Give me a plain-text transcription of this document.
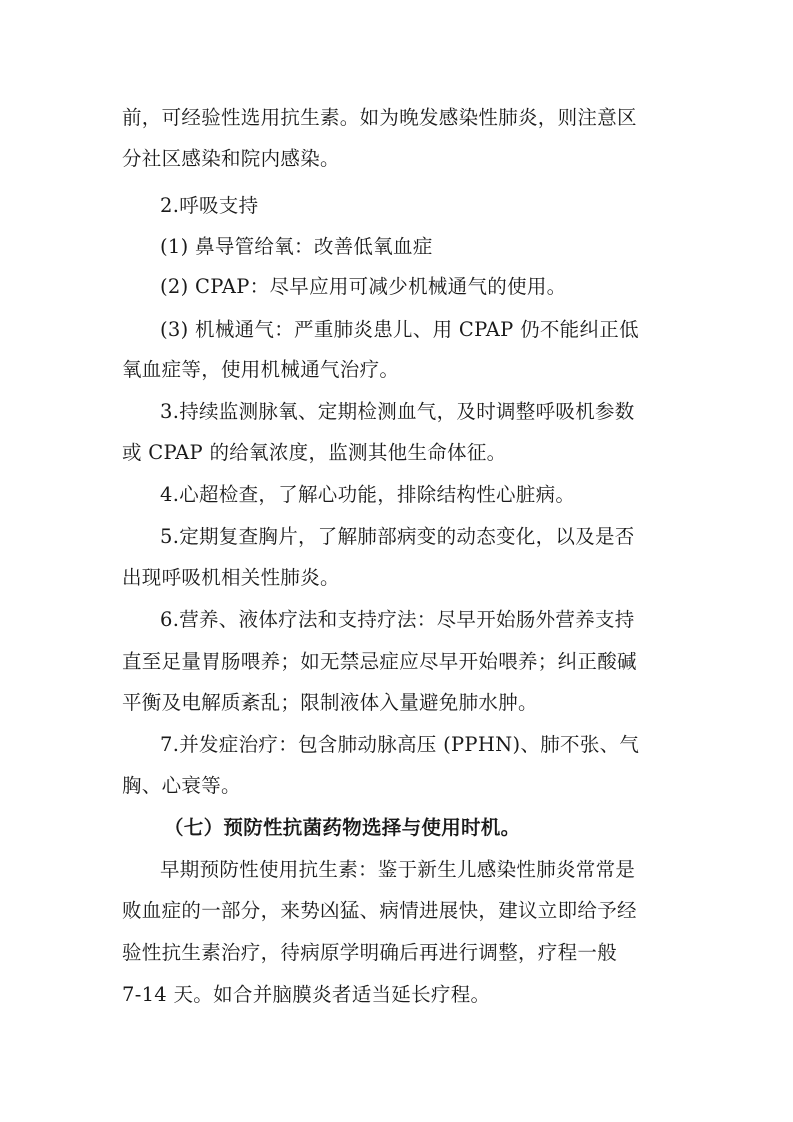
前，可经验性选用抗生素。如为晚发感染性肺炎，则注意区
分社区感染和院内感染。
2.呼吸支持
(1) 鼻导管给氧：改善低氧血症
(2) CPAP：尽早应用可减少机械通气的使用。
(3) 机械通气：严重肺炎患儿、用 CPAP 仍不能纠正低
氧血症等，使用机械通气治疗。
3.持续监测脉氧、定期检测血气，及时调整呼吸机参数
或 CPAP 的给氧浓度，监测其他生命体征。
4.心超检查，了解心功能，排除结构性心脏病。
5.定期复查胸片，了解肺部病变的动态变化，以及是否
出现呼吸机相关性肺炎。
6.营养、液体疗法和支持疗法：尽早开始肠外营养支持
直至足量胃肠喂养；如无禁忌症应尽早开始喂养；纠正酸碱
平衡及电解质紊乱；限制液体入量避免肺水肿。
7.并发症治疗：包含肺动脉高压 (PPHN)、肺不张、气
胸、心衰等。
（七）预防性抗菌药物选择与使用时机。
早期预防性使用抗生素：鉴于新生儿感染性肺炎常常是
败血症的一部分，来势凶猛、病情进展快，建议立即给予经
验性抗生素治疗，待病原学明确后再进行调整，疗程一般
7-14 天。如合并脑膜炎者适当延长疗程。
